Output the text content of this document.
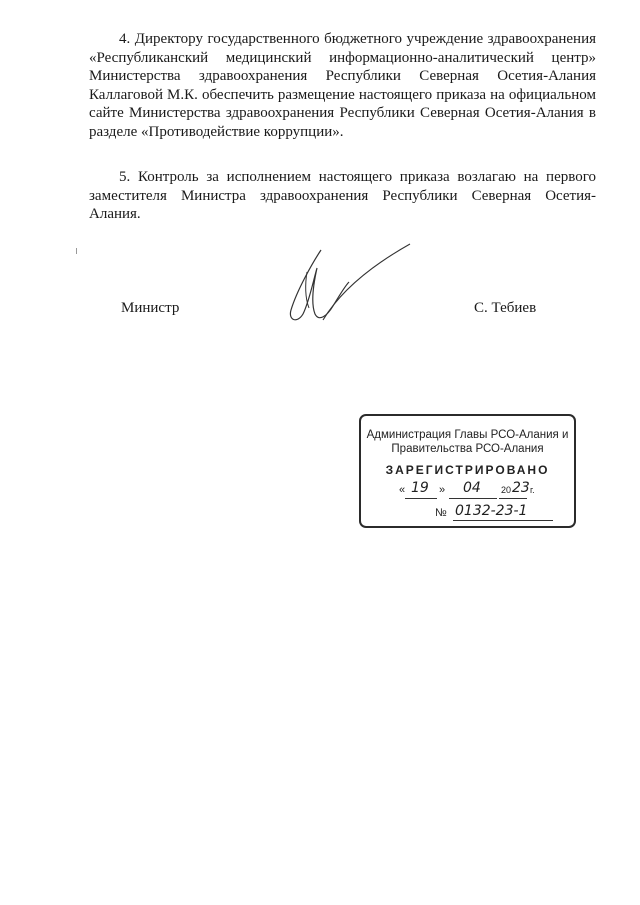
4. Директору государственного бюджетного учреждение здравоохранения «Республиканский медицинский информационно-аналитический центр» Министерства здравоохранения Республики Северная Осетия-Алания Каллаговой М.К. обеспечить размещение настоящего приказа на официальном сайте Министерства здравоохранения Республики Северная Осетия-Алания в разделе «Противодействие коррупции».

5. Контроль за исполнением настоящего приказа возлагаю на первого заместителя Министра здравоохранения Республики Северная Осетия-Алания.

Министр	С. Тебиев
Администрация Главы РСО-Алания и
Правительства РСО-Алания
ЗАРЕГИСТРИРОВАНО
« 19 » 04 20 23 г.
№ 0132-23-1
